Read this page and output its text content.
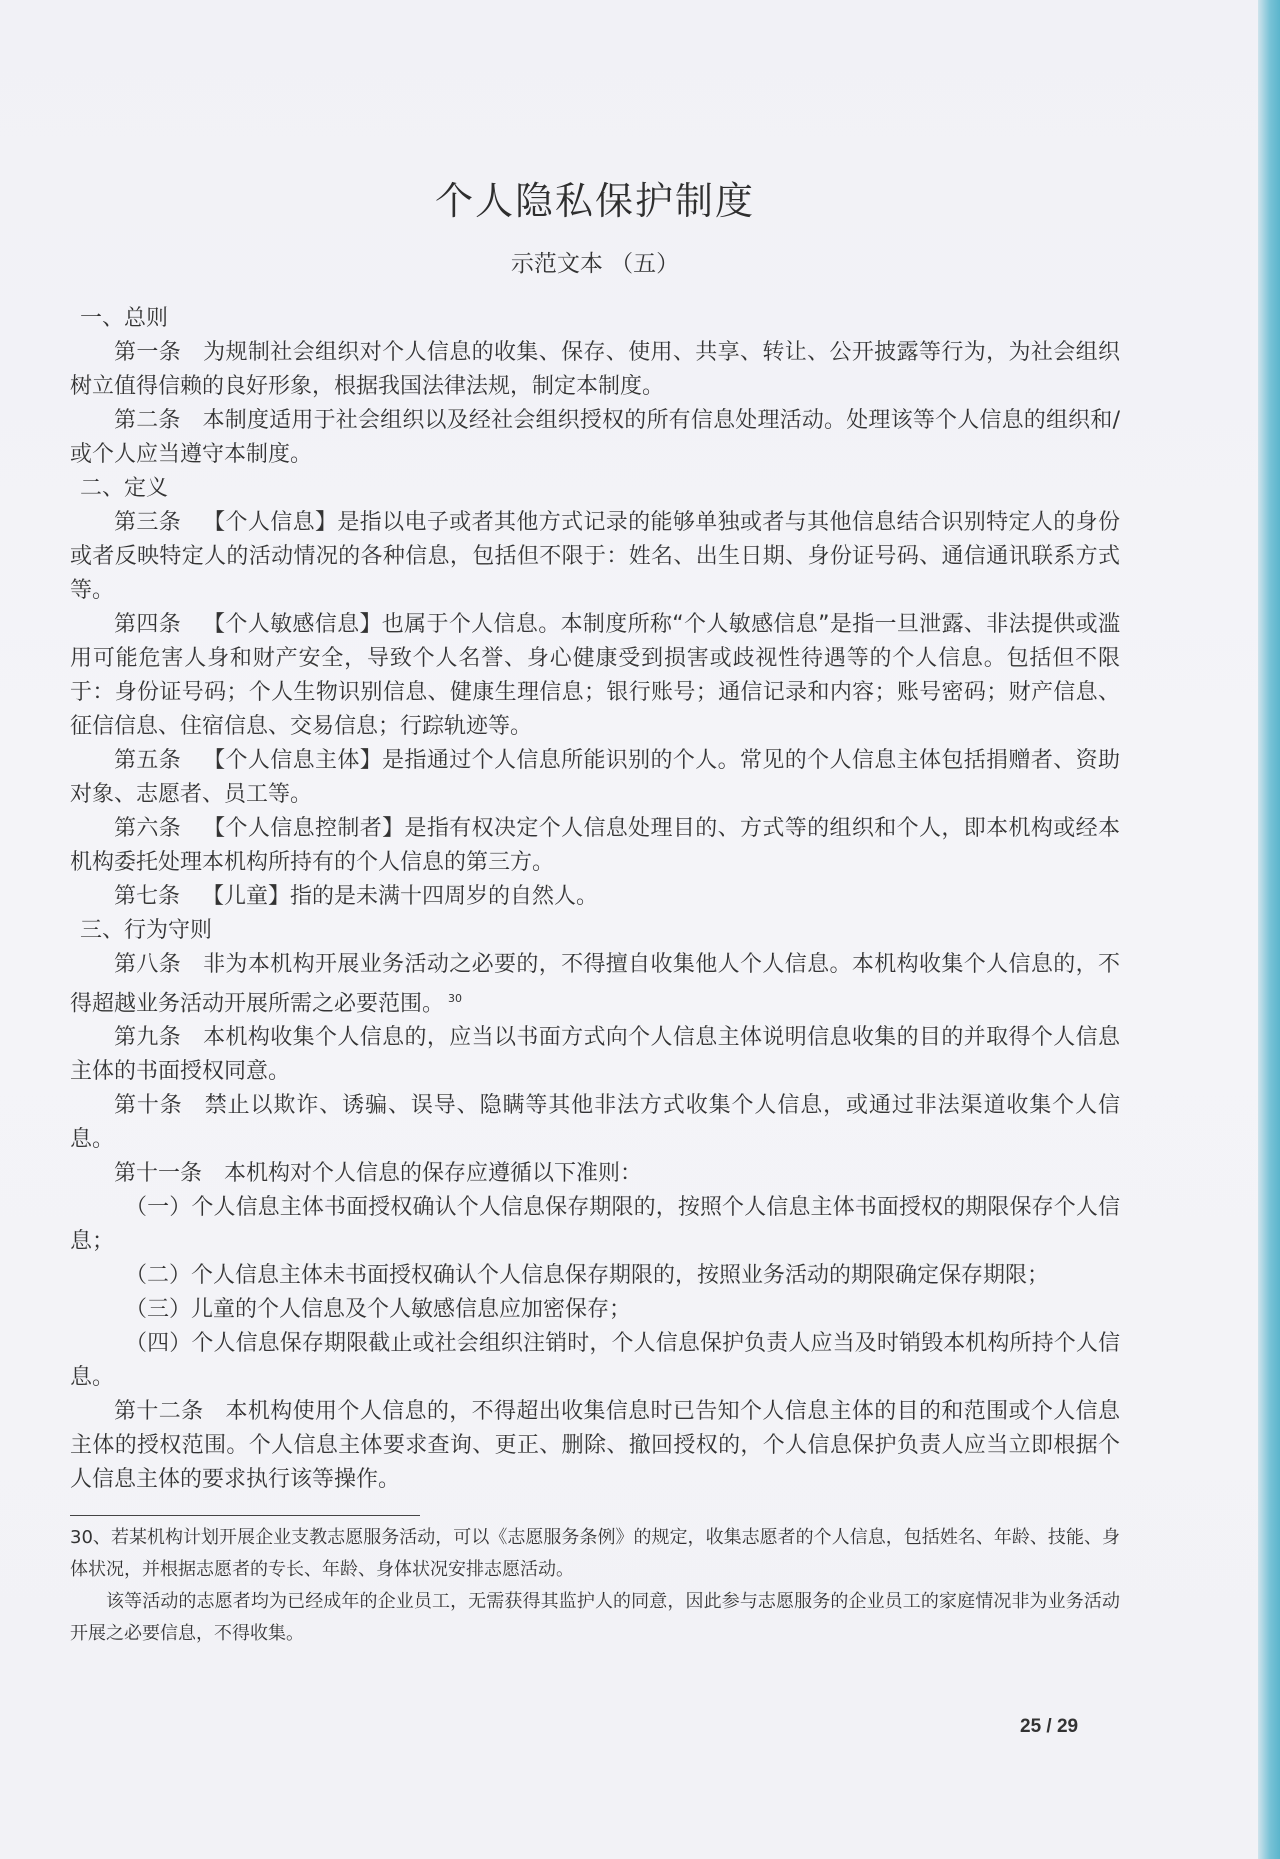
个人隐私保护制度
示范文本 （五）

一、总则

第一条 为规制社会组织对个人信息的收集、保存、使用、共享、转让、公开披露等行为，为社会组织树立值得信赖的良好形象，根据我国法律法规，制定本制度。

第二条 本制度适用于社会组织以及经社会组织授权的所有信息处理活动。处理该等个人信息的组织和/或个人应当遵守本制度。

二、定义

第三条 【个人信息】是指以电子或者其他方式记录的能够单独或者与其他信息结合识别特定人的身份或者反映特定人的活动情况的各种信息，包括但不限于：姓名、出生日期、身份证号码、通信通讯联系方式等。

第四条 【个人敏感信息】也属于个人信息。本制度所称“个人敏感信息”是指一旦泄露、非法提供或滥用可能危害人身和财产安全，导致个人名誉、身心健康受到损害或歧视性待遇等的个人信息。包括但不限于：身份证号码；个人生物识别信息、健康生理信息；银行账号；通信记录和内容；账号密码；财产信息、征信信息、住宿信息、交易信息；行踪轨迹等。

第五条 【个人信息主体】是指通过个人信息所能识别的个人。常见的个人信息主体包括捐赠者、资助对象、志愿者、员工等。

第六条 【个人信息控制者】是指有权决定个人信息处理目的、方式等的组织和个人，即本机构或经本机构委托处理本机构所持有的个人信息的第三方。

第七条 【儿童】指的是未满十四周岁的自然人。

三、行为守则

第八条 非为本机构开展业务活动之必要的，不得擅自收集他人个人信息。本机构收集个人信息的，不得超越业务活动开展所需之必要范围。 $^{30}$

第九条 本机构收集个人信息的，应当以书面方式向个人信息主体说明信息收集的目的并取得个人信息主体的书面授权同意。

第十条 禁止以欺诈、诱骗、误导、隐瞒等其他非法方式收集个人信息，或通过非法渠道收集个人信息。

第十一条 本机构对个人信息的保存应遵循以下准则：

（一）个人信息主体书面授权确认个人信息保存期限的，按照个人信息主体书面授权的期限保存个人信息；

（二）个人信息主体未书面授权确认个人信息保存期限的，按照业务活动的期限确定保存期限；

（三）儿童的个人信息及个人敏感信息应加密保存；

（四）个人信息保存期限截止或社会组织注销时，个人信息保护负责人应当及时销毁本机构所持个人信息。

第十二条 本机构使用个人信息的，不得超出收集信息时已告知个人信息主体的目的和范围或个人信息主体的授权范围。个人信息主体要求查询、更正、删除、撤回授权的，个人信息保护负责人应当立即根据个人信息主体的要求执行该等操作。

30、若某机构计划开展企业支教志愿服务活动，可以《志愿服务条例》的规定，收集志愿者的个人信息，包括姓名、年龄、技能、身体状况，并根据志愿者的专长、年龄、身体状况安排志愿活动。

该等活动的志愿者均为已经成年的企业员工，无需获得其监护人的同意，因此参与志愿服务的企业员工的家庭情况非为业务活动开展之必要信息，不得收集。

25 / 29
